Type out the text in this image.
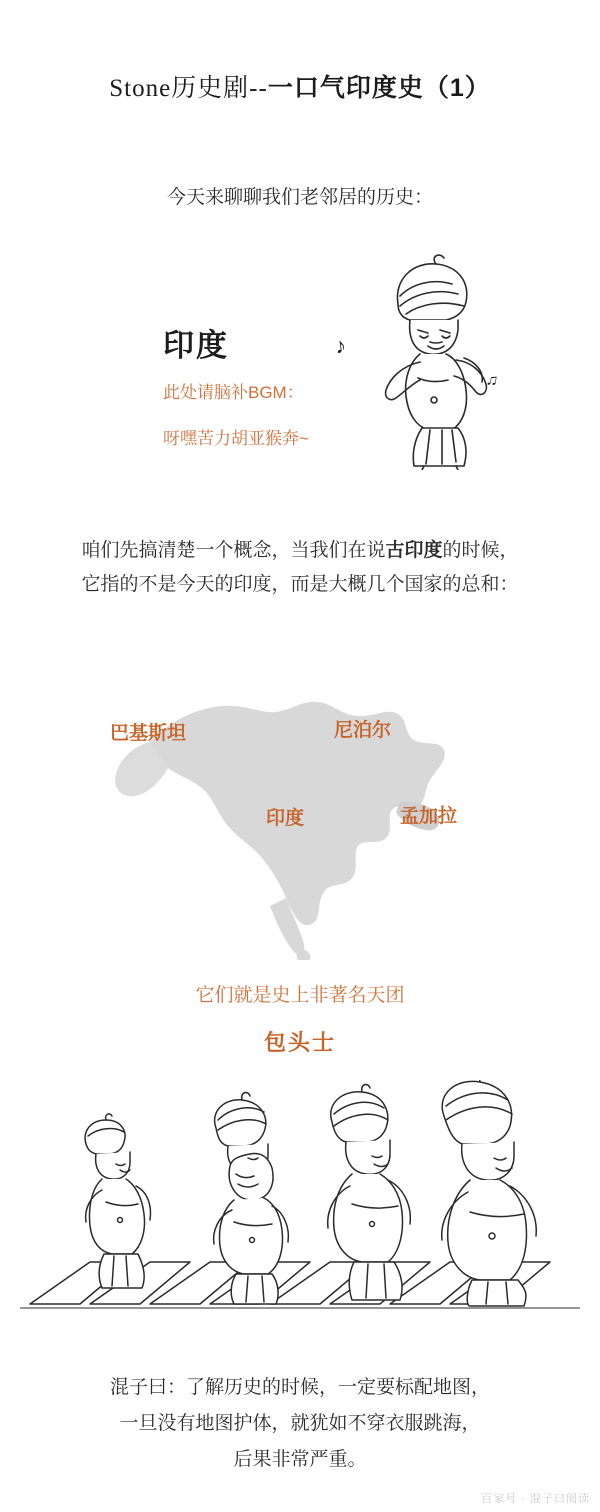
Stone历史剧--一口气印度史（1）
今天来聊聊我们老邻居的历史：
印度
此处请脑补BGM：
呀嘿苦力胡亚猴奔~
♪
♫
咱们先搞清楚一个概念，当我们在说古印度的时候，
它指的不是今天的印度，而是大概几个国家的总和：
巴基斯坦	尼泊尔
印度	孟加拉
它们就是史上非著名天团
包头士
混子曰：了解历史的时候，一定要标配地图，
一旦没有地图护体，就犹如不穿衣服跳海，
后果非常严重。
百家号 · 混子曰阅读
